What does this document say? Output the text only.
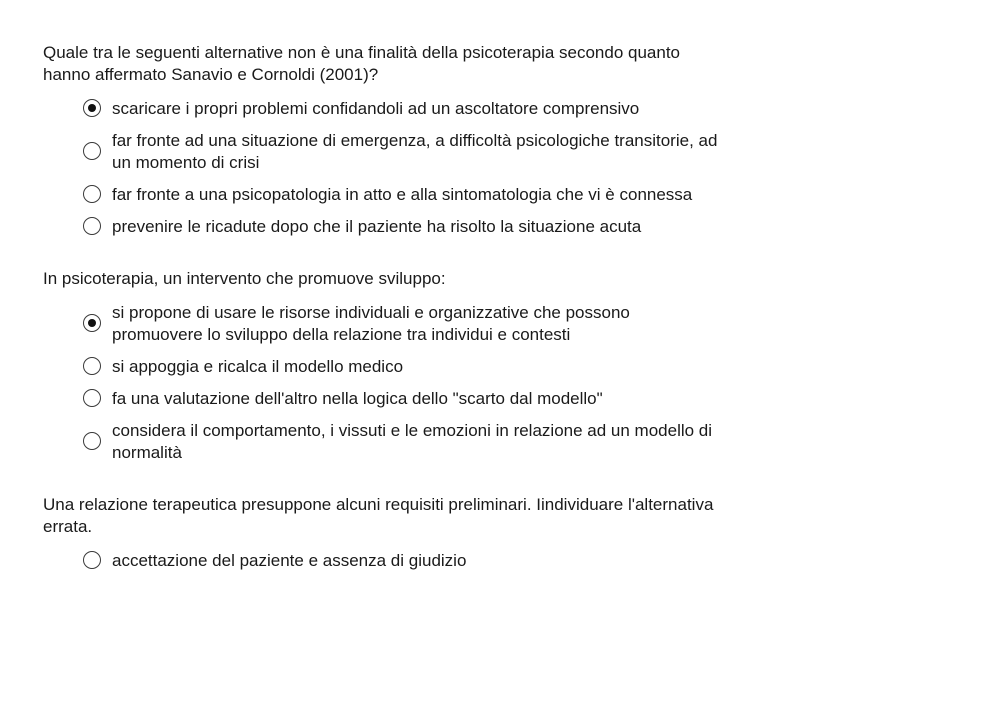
Quale tra le seguenti alternative non è una finalità della psicoterapia secondo quanto hanno affermato Sanavio e Cornoldi (2001)?

scaricare i propri problemi confidandoli ad un ascoltatore comprensivo
far fronte ad una situazione di emergenza, a difficoltà psicologiche transitorie, ad un momento di crisi
far fronte a una psicopatologia in atto e alla sintomatologia che vi è connessa
prevenire le ricadute dopo che il paziente ha risolto la situazione acuta

In psicoterapia, un intervento che promuove sviluppo:

si propone di usare le risorse individuali e organizzative che possono promuovere lo sviluppo della relazione tra individui e contesti
si appoggia e ricalca il modello medico
fa una valutazione dell'altro nella logica dello "scarto dal modello"
considera il comportamento, i vissuti e le emozioni in relazione ad un modello di normalità

Una relazione terapeutica presuppone alcuni requisiti preliminari. Iindividuare l'alternativa errata.

accettazione del paziente e assenza di giudizio
